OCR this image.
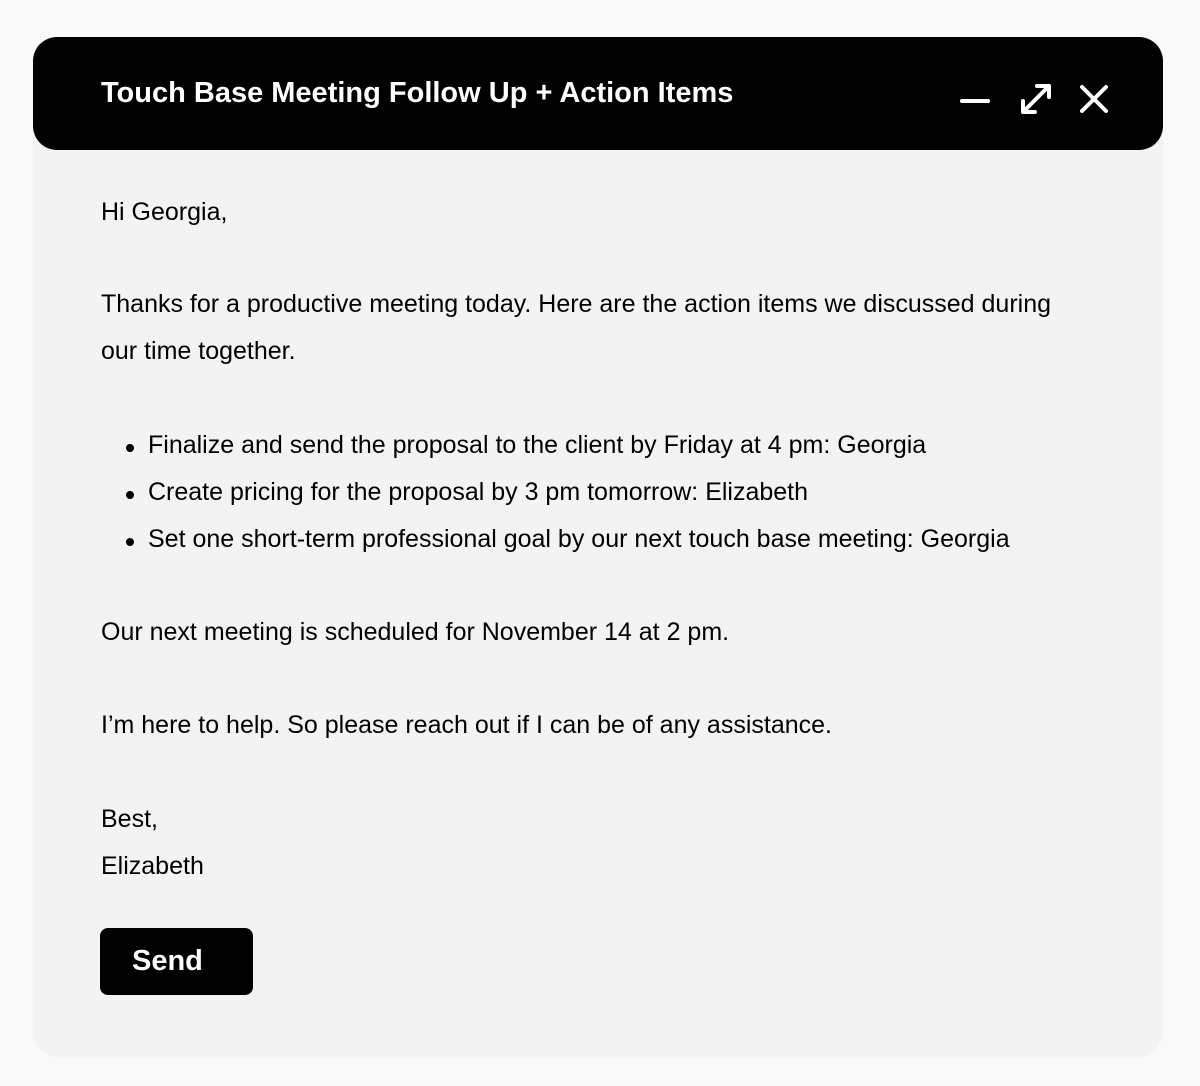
Touch Base Meeting Follow Up + Action Items
Hi Georgia,
Thanks for a productive meeting today. Here are the action items we discussed during
our time together.
Finalize and send the proposal to the client by Friday at 4 pm: Georgia
Create pricing for the proposal by 3 pm tomorrow: Elizabeth
Set one short-term professional goal by our next touch base meeting: Georgia
Our next meeting is scheduled for November 14 at 2 pm.
I’m here to help. So please reach out if I can be of any assistance.
Best,
Elizabeth
Send
